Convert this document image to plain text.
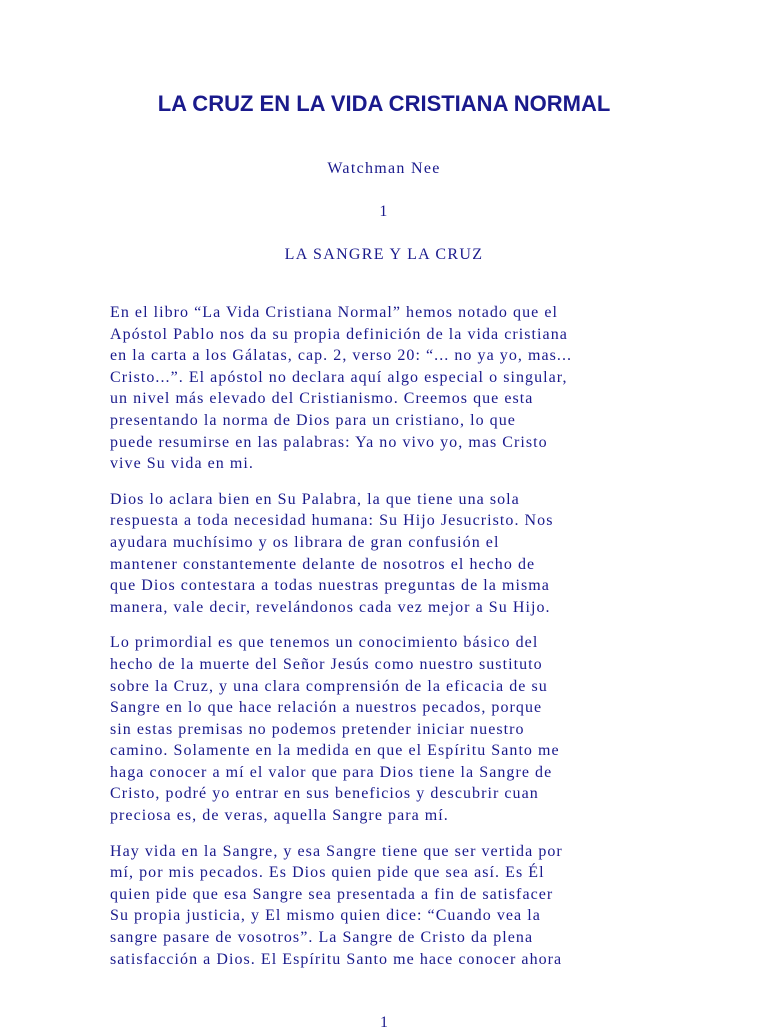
LA CRUZ EN LA VIDA CRISTIANA NORMAL

Watchman Nee

1

LA SANGRE Y LA CRUZ

En el libro “La Vida Cristiana Normal” hemos notado que el
Apóstol Pablo nos da su propia definición de la vida cristiana
en la carta a los Gálatas, cap. 2, verso 20: “... no ya yo, mas...
Cristo...”. El apóstol no declara aquí algo especial o singular,
un nivel más elevado del Cristianismo. Creemos que esta
presentando la norma de Dios para un cristiano, lo que
puede resumirse en las palabras: Ya no vivo yo, mas Cristo
vive Su vida en mi.

Dios lo aclara bien en Su Palabra, la que tiene una sola
respuesta a toda necesidad humana: Su Hijo Jesucristo. Nos
ayudara muchísimo y os librara de gran confusión el
mantener constantemente delante de nosotros el hecho de
que Dios contestara a todas nuestras preguntas de la misma
manera, vale decir, revelándonos cada vez mejor a Su Hijo.

Lo primordial es que tenemos un conocimiento básico del
hecho de la muerte del Señor Jesús como nuestro sustituto
sobre la Cruz, y una clara comprensión de la eficacia de su
Sangre en lo que hace relación a nuestros pecados, porque
sin estas premisas no podemos pretender iniciar nuestro
camino. Solamente en la medida en que el Espíritu Santo me
haga conocer a mí el valor que para Dios tiene la Sangre de
Cristo, podré yo entrar en sus beneficios y descubrir cuan
preciosa es, de veras, aquella Sangre para mí.

Hay vida en la Sangre, y esa Sangre tiene que ser vertida por
mí, por mis pecados. Es Dios quien pide que sea así. Es Él
quien pide que esa Sangre sea presentada a fin de satisfacer
Su propia justicia, y El mismo quien dice: “Cuando vea la
sangre pasare de vosotros”. La Sangre de Cristo da plena
satisfacción a Dios. El Espíritu Santo me hace conocer ahora

1
